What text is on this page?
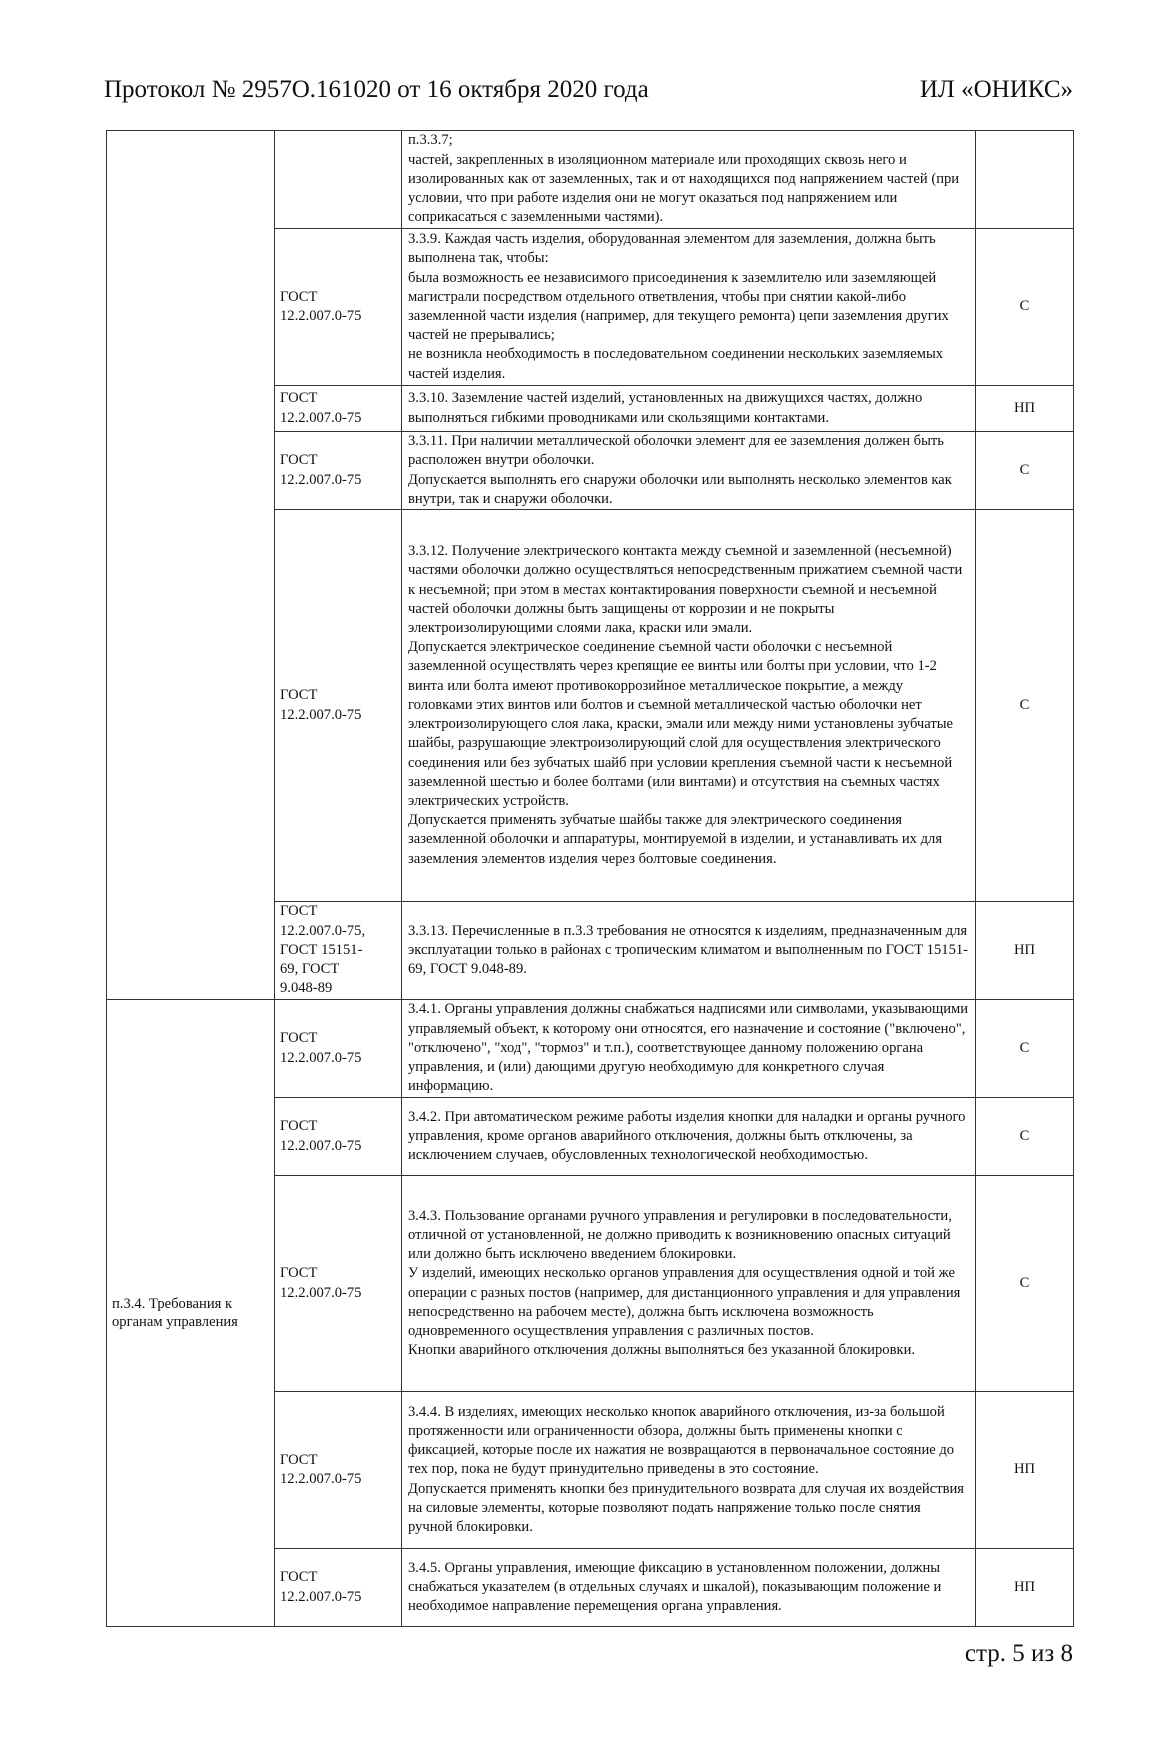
Протокол № 2957О.161020 от 16 октября 2020 года	ИЛ «ОНИКС»

		п.3.3.7;
частей, закрепленных в изоляционном материале или проходящих сквозь него и изолированных как от заземленных, так и от находящихся под напряжением частей (при условии, что при работе изделия они не могут оказаться под напряжением или соприкасаться с заземленными частями).	

	ГОСТ
12.2.007.0-75	3.3.9. Каждая часть изделия, оборудованная элементом для заземления, должна быть выполнена так, чтобы:
была возможность ее независимого присоединения к заземлителю или заземляющей магистрали посредством отдельного ответвления, чтобы при снятии какой-либо заземленной части изделия (например, для текущего ремонта) цепи заземления других частей не прерывались;
не возникла необходимость в последовательном соединении нескольких заземляемых частей изделия.	С

	ГОСТ
12.2.007.0-75	3.3.10. Заземление частей изделий, установленных на движущихся частях, должно выполняться гибкими проводниками или скользящими контактами.	НП

	ГОСТ
12.2.007.0-75	3.3.11. При наличии металлической оболочки элемент для ее заземления должен быть расположен внутри оболочки.
Допускается выполнять его снаружи оболочки или выполнять несколько элементов как внутри, так и снаружи оболочки.	С

	ГОСТ
12.2.007.0-75	3.3.12. Получение электрического контакта между съемной и заземленной (несъемной) частями оболочки должно осуществляться непосредственным прижатием съемной части к несъемной; при этом в местах контактирования поверхности съемной и несъемной частей оболочки должны быть защищены от коррозии и не покрыты электроизолирующими слоями лака, краски или эмали.
Допускается электрическое соединение съемной части оболочки с несъемной заземленной осуществлять через крепящие ее винты или болты при условии, что 1-2 винта или болта имеют противокоррозийное металлическое покрытие, а между головками этих винтов или болтов и съемной металлической частью оболочки нет электроизолирующего слоя лака, краски, эмали или между ними установлены зубчатые шайбы, разрушающие электроизолирующий слой для осуществления электрического соединения или без зубчатых шайб при условии крепления съемной части к несъемной заземленной шестью и более болтами (или винтами) и отсутствия на съемных частях электрических устройств.
Допускается применять зубчатые шайбы также для электрического соединения заземленной оболочки и аппаратуры, монтируемой в изделии, и устанавливать их для заземления элементов изделия через болтовые соединения.	С

	ГОСТ
12.2.007.0-75,
ГОСТ 15151-
69, ГОСТ
9.048-89	3.3.13. Перечисленные в п.3.3 требования не относятся к изделиям, предназначенным для эксплуатации только в районах с тропическим климатом и выполненным по ГОСТ 15151-69, ГОСТ 9.048-89.	НП
п.3.4. Требования к органам управления	ГОСТ
12.2.007.0-75	3.4.1. Органы управления должны снабжаться надписями или символами, указывающими управляемый объект, к которому они относятся, его назначение и состояние ("включено", "отключено", "ход", "тормоз" и т.п.), соответствующее данному положению органа управления, и (или) дающими другую необходимую для конкретного случая информацию.	С

	ГОСТ
12.2.007.0-75	3.4.2. При автоматическом режиме работы изделия кнопки для наладки и органы ручного управления, кроме органов аварийного отключения, должны быть отключены, за исключением случаев, обусловленных технологической необходимостью.	С

	ГОСТ
12.2.007.0-75	3.4.3. Пользование органами ручного управления и регулировки в последовательности, отличной от установленной, не должно приводить к возникновению опасных ситуаций или должно быть исключено введением блокировки.
У изделий, имеющих несколько органов управления для осуществления одной и той же операции с разных постов (например, для дистанционного управления и для управления непосредственно на рабочем месте), должна быть исключена возможность одновременного осуществления управления с различных постов.
Кнопки аварийного отключения должны выполняться без указанной блокировки.	С

	ГОСТ
12.2.007.0-75	3.4.4. В изделиях, имеющих несколько кнопок аварийного отключения, из-за большой протяженности или ограниченности обзора, должны быть применены кнопки с фиксацией, которые после их нажатия не возвращаются в первоначальное состояние до тех пор, пока не будут принудительно приведены в это состояние.
Допускается применять кнопки без принудительного возврата для случая их воздействия на силовые элементы, которые позволяют подать напряжение только после снятия ручной блокировки.	НП

	ГОСТ
12.2.007.0-75	3.4.5. Органы управления, имеющие фиксацию в установленном положении, должны снабжаться указателем (в отдельных случаях и шкалой), показывающим положение и необходимое направление перемещения органа управления.	НП
стр. 5 из 8
